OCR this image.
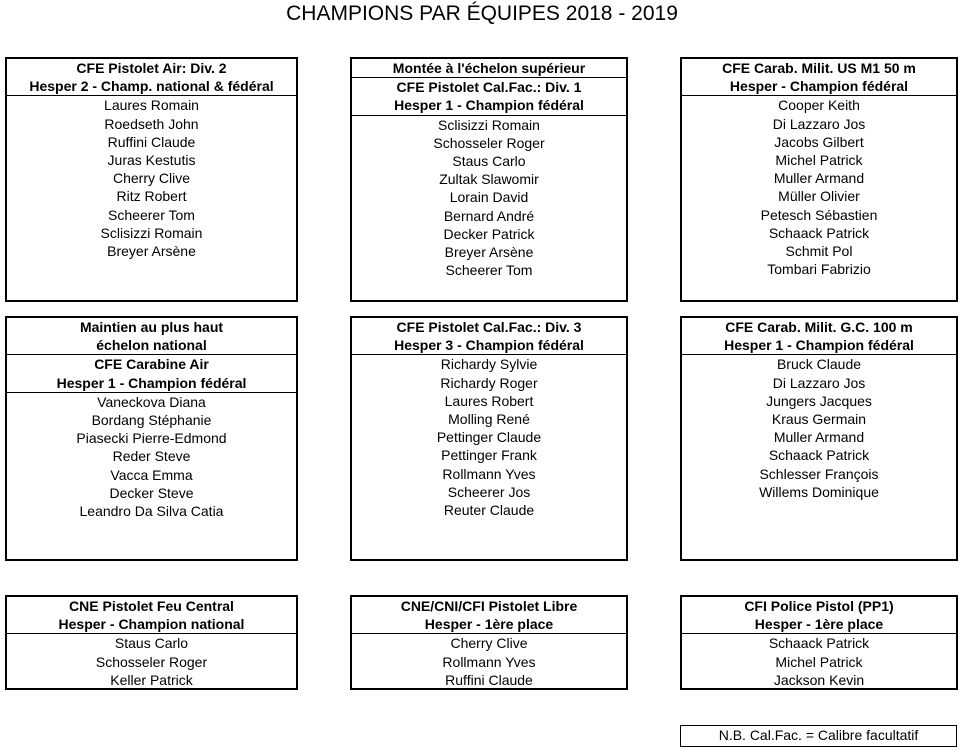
CHAMPIONS PAR ÉQUIPES 2018 - 2019
CFE Pistolet Air: Div. 2
Hesper 2 - Champ. national & fédéral
Laures Romain
Roedseth John
Ruffini Claude
Juras Kestutis
Cherry Clive
Ritz Robert
Scheerer Tom
Sclisizzi Romain
Breyer Arsène
Montée à l'échelon supérieur
CFE Pistolet Cal.Fac.: Div. 1
Hesper 1 - Champion fédéral
Sclisizzi Romain
Schosseler Roger
Staus Carlo
Zultak Slawomir
Lorain David
Bernard André
Decker Patrick
Breyer Arsène
Scheerer Tom
CFE Carab. Milit. US M1 50 m
Hesper - Champion fédéral
Cooper Keith
Di Lazzaro Jos
Jacobs Gilbert
Michel Patrick
Muller Armand
Müller Olivier
Petesch Sébastien
Schaack Patrick
Schmit Pol
Tombari Fabrizio
Maintien au plus haut
échelon national
CFE Carabine Air
Hesper 1 - Champion fédéral
Vaneckova Diana
Bordang Stéphanie
Piasecki Pierre-Edmond
Reder Steve
Vacca Emma
Decker Steve
Leandro Da Silva Catia
CFE Pistolet Cal.Fac.: Div. 3
Hesper 3 - Champion fédéral
Richardy Sylvie
Richardy Roger
Laures Robert
Molling René
Pettinger Claude
Pettinger Frank
Rollmann Yves
Scheerer Jos
Reuter Claude
CFE Carab. Milit. G.C. 100 m
Hesper 1 - Champion fédéral
Bruck Claude
Di Lazzaro Jos
Jungers Jacques
Kraus Germain
Muller Armand
Schaack Patrick
Schlesser François
Willems Dominique
CNE Pistolet Feu Central
Hesper - Champion national
Staus Carlo
Schosseler Roger
Keller Patrick
CNE/CNI/CFI Pistolet Libre
Hesper - 1ère place
Cherry Clive
Rollmann Yves
Ruffini Claude
CFI Police Pistol (PP1)
Hesper - 1ère place
Schaack Patrick
Michel Patrick
Jackson Kevin
N.B. Cal.Fac. = Calibre facultatif
